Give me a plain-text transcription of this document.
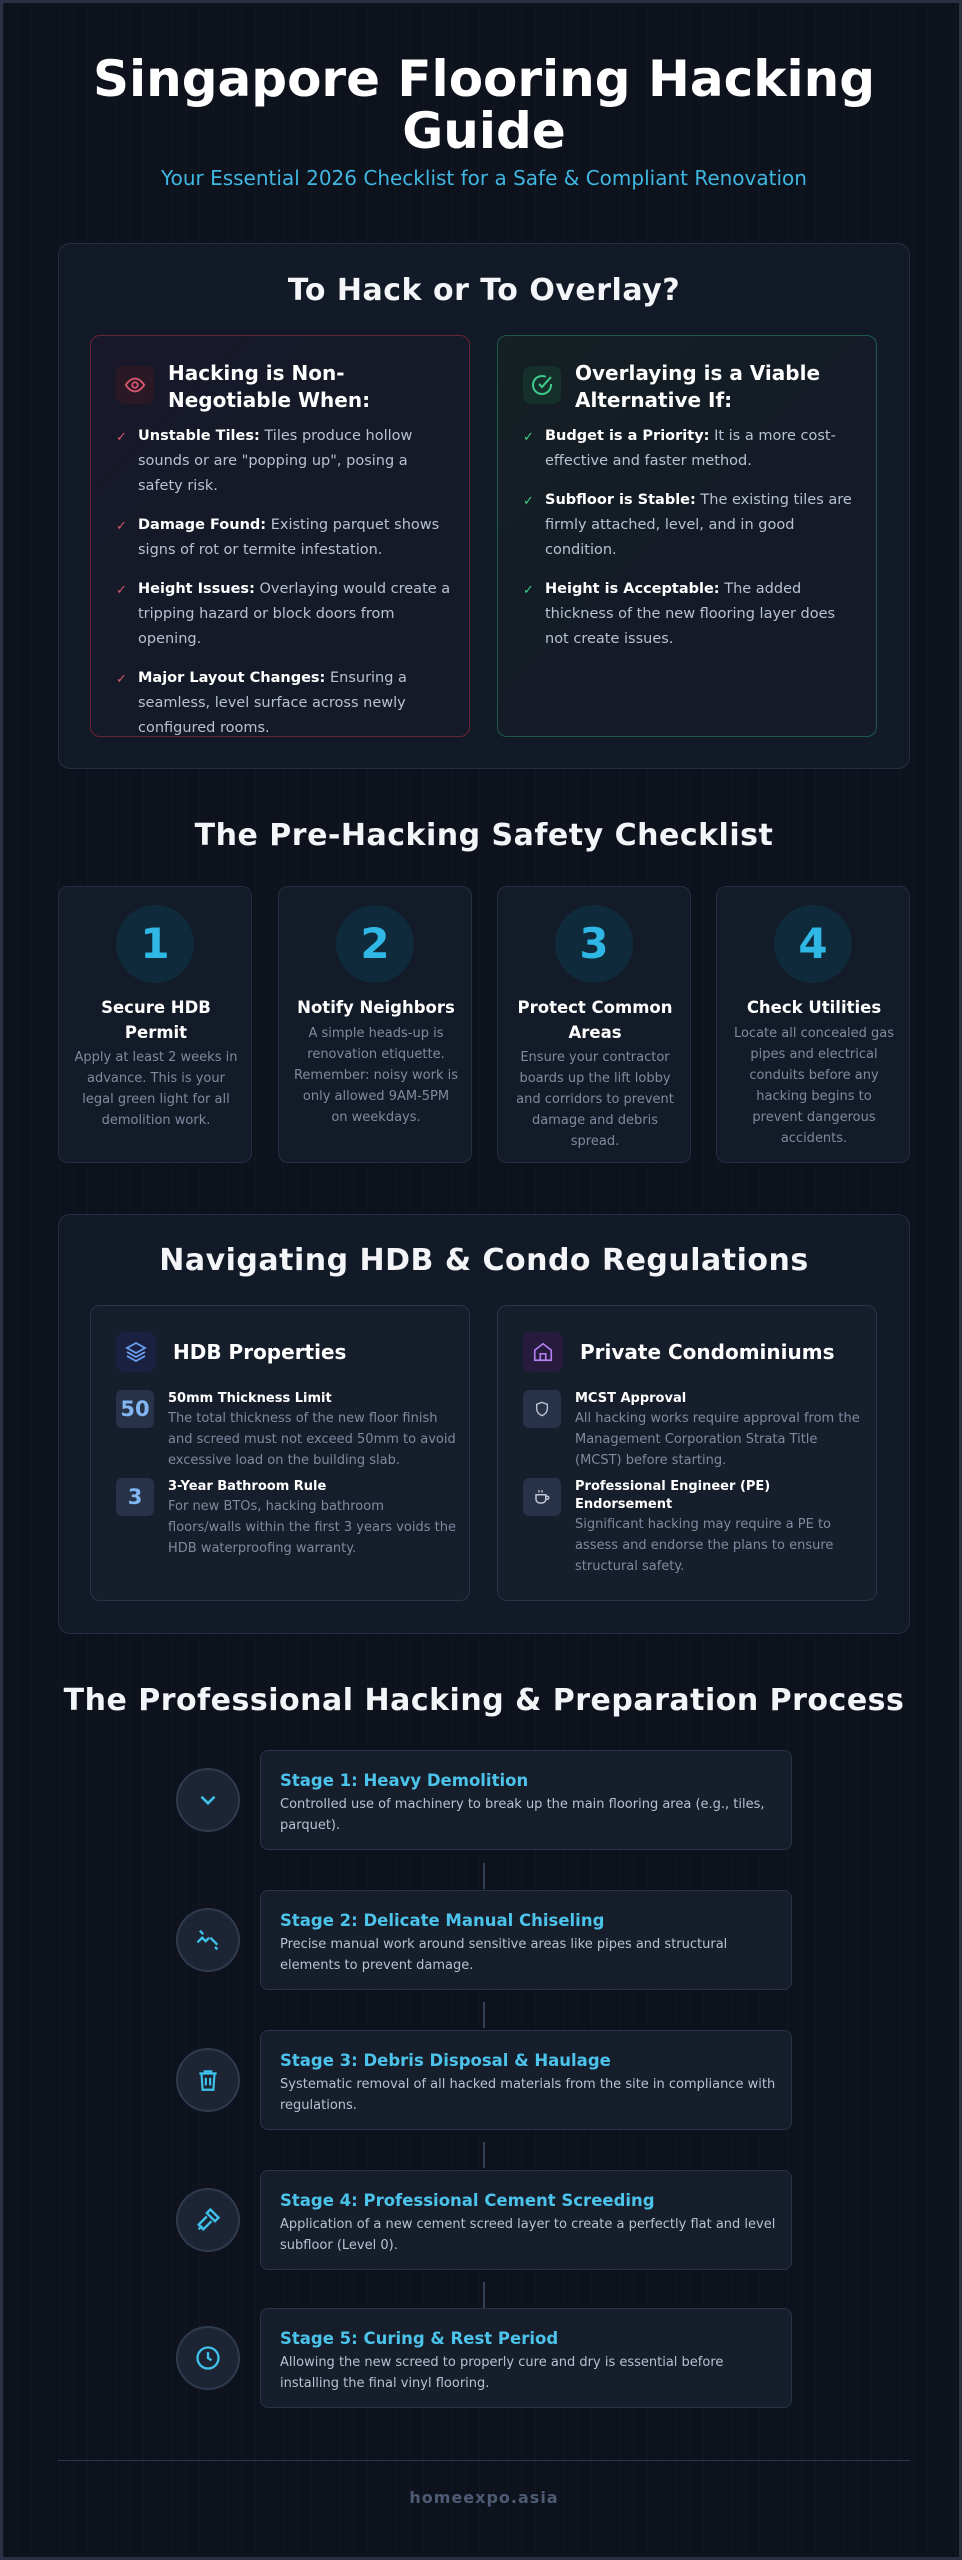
Singapore Flooring Hacking Guide
Your Essential 2026 Checklist for a Safe & Compliant Renovation
To Hack or To Overlay?
Hacking is Non-Negotiable When:
✓ Unstable Tiles: Tiles produce hollow sounds or are "popping up", posing a safety risk.
✓ Damage Found: Existing parquet shows signs of rot or termite infestation.
✓ Height Issues: Overlaying would create a tripping hazard or block doors from opening.
✓ Major Layout Changes: Ensuring a seamless, level surface across newly configured rooms.
Overlaying is a Viable Alternative If:
✓ Budget is a Priority: It is a more cost-effective and faster method.
✓ Subfloor is Stable: The existing tiles are firmly attached, level, and in good condition.
✓ Height is Acceptable: The added thickness of the new flooring layer does not create issues.
The Pre-Hacking Safety Checklist
1
Secure HDB Permit
Apply at least 2 weeks in advance. This is your legal green light for all demolition work.
2
Notify Neighbors
A simple heads-up is renovation etiquette. Remember: noisy work is only allowed 9AM-5PM on weekdays.
3
Protect Common Areas
Ensure your contractor boards up the lift lobby and corridors to prevent damage and debris spread.
4
Check Utilities
Locate all concealed gas pipes and electrical conduits before any hacking begins to prevent dangerous accidents.
Navigating HDB & Condo Regulations
HDB Properties
50	50mm Thickness Limit
The total thickness of the new floor finish and screed must not exceed 50mm to avoid excessive load on the building slab.
3	3-Year Bathroom Rule
For new BTOs, hacking bathroom floors/walls within the first 3 years voids the HDB waterproofing warranty.
Private Condominiums
MCST Approval
All hacking works require approval from the Management Corporation Strata Title (MCST) before starting.
Professional Engineer (PE) Endorsement
Significant hacking may require a PE to assess and endorse the plans to ensure structural safety.
The Professional Hacking & Preparation Process
Stage 1: Heavy Demolition
Controlled use of machinery to break up the main flooring area (e.g., tiles, parquet).
Stage 2: Delicate Manual Chiseling
Precise manual work around sensitive areas like pipes and structural elements to prevent damage.
Stage 3: Debris Disposal & Haulage
Systematic removal of all hacked materials from the site in compliance with regulations.
Stage 4: Professional Cement Screeding
Application of a new cement screed layer to create a perfectly flat and level subfloor (Level 0).
Stage 5: Curing & Rest Period
Allowing the new screed to properly cure and dry is essential before installing the final vinyl flooring.
homeexpo.asia
